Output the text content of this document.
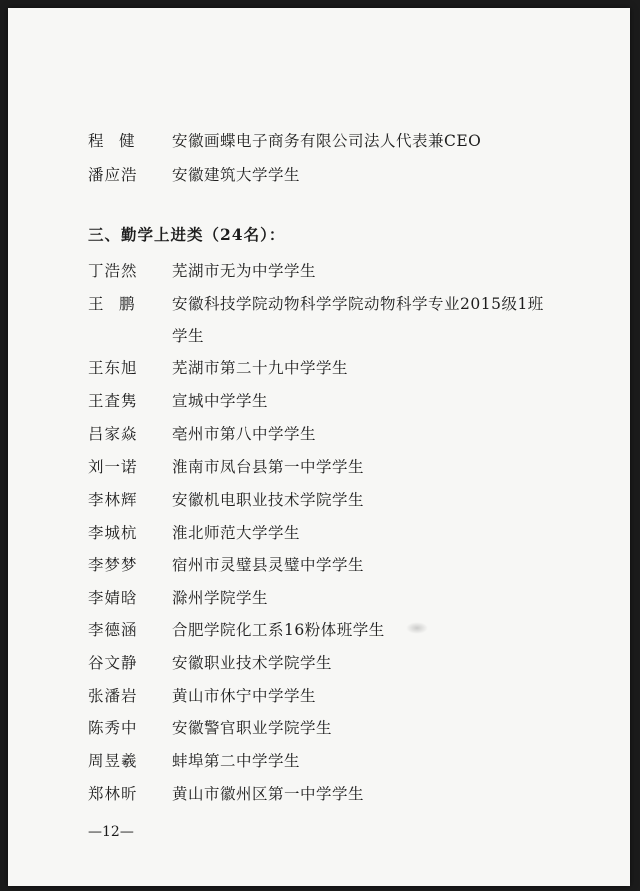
程　健 安徽画蝶电子商务有限公司法人代表兼CEO
潘应浩 安徽建筑大学学生
三、勤学上进类（24名）：
丁浩然 芜湖市无为中学学生
王　鹏 安徽科技学院动物科学学院动物科学专业2015级1班
学生
王东旭 芜湖市第二十九中学学生
王査隽 宣城中学学生
吕家焱 亳州市第八中学学生
刘一诺 淮南市凤台县第一中学学生
李林辉 安徽机电职业技术学院学生
李城杭 淮北师范大学学生
李梦梦 宿州市灵璧县灵璧中学学生
李婧晗 滁州学院学生
李德涵 合肥学院化工系16粉体班学生
谷文静 安徽职业技术学院学生
张潘岩 黄山市休宁中学学生
陈秀中 安徽警官职业学院学生
周昱羲 蚌埠第二中学学生
郑林昕 黄山市徽州区第一中学学生
—12—
